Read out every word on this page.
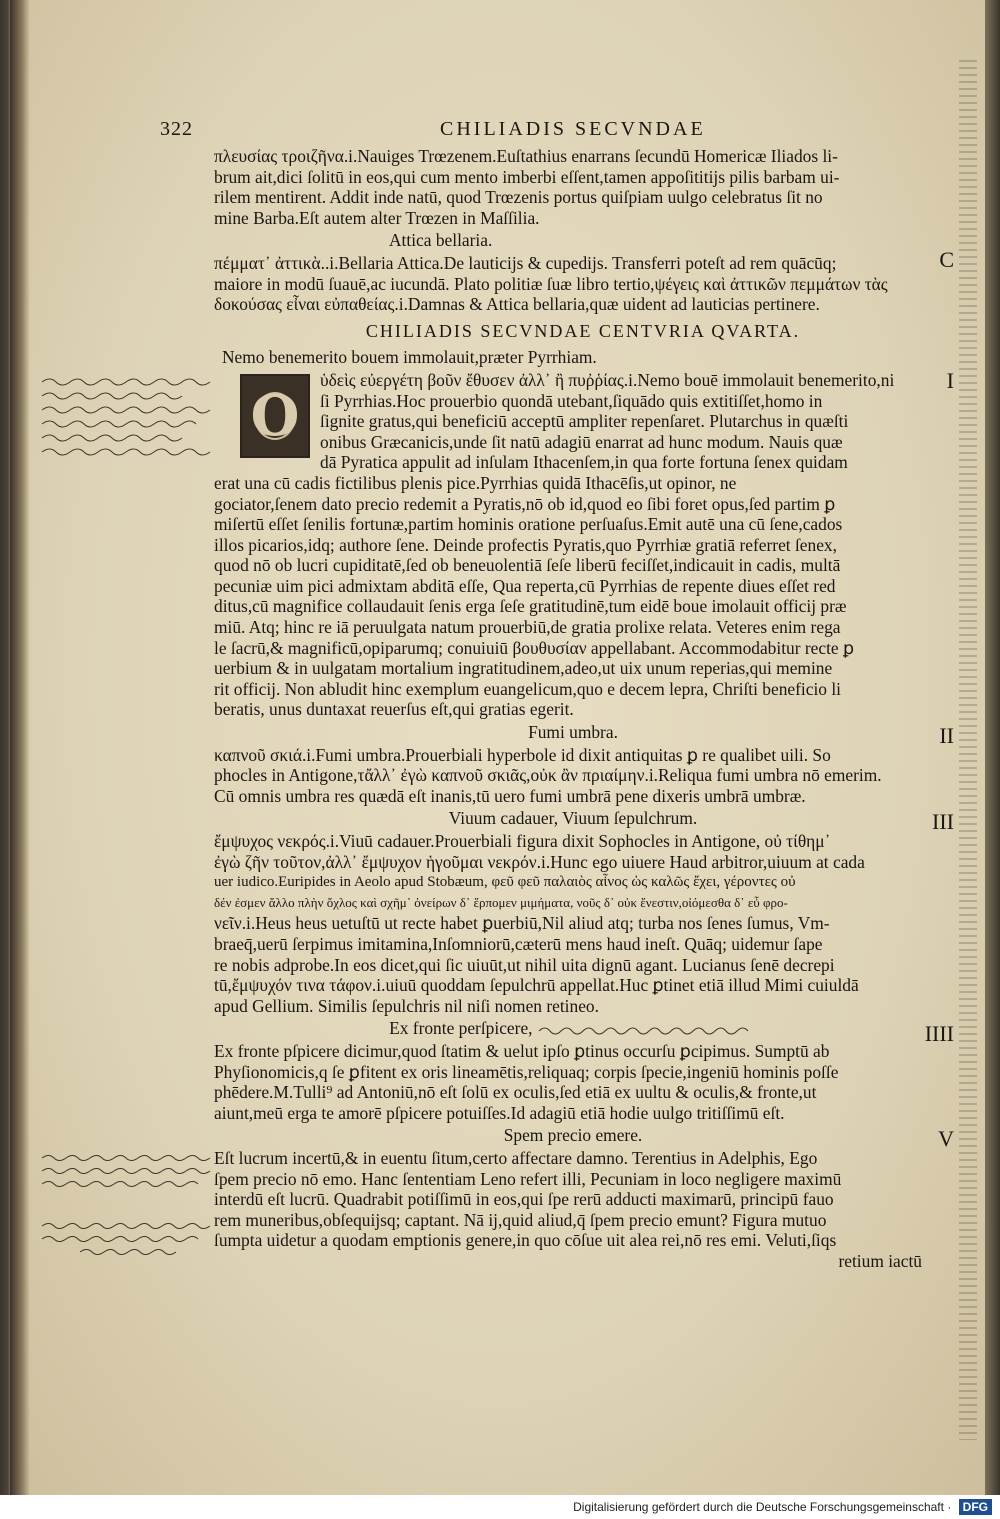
322	CHILIADIS SECVNDAE

πλευσίας τροιζῆνα.i.Nauiges Trœzenem.Euſtathius enarrans ſecundū Homericæ Iliados li-

brum ait,dici ſolitū in eos,qui cum mento imberbi eſſent,tamen appoſititijs pilis barbam ui-

rilem mentirent. Addit inde natū, quod Trœzenis portus quiſpiam uulgo celebratus ſit no

mine Barba.Eſt autem alter Trœzen in Maſſilia.

Attica bellaria.

C

πέμματ᾽ ἀττικὰ..i.Bellaria Attica.De lauticijs & cupedijs. Transferri poteſt ad rem quācūq;

maiore in modū ſuauē,ac iucundā. Plato politiæ ſuæ libro tertio,ψέγεις καὶ ἀττικῶν πεμμάτων τὰς

δοκούσας εἶναι εὐπαθείας.i.Damnas & Attica bellaria,quæ uident ad lauticias pertinere.

CHILIADIS SECVNDAE CENTVRIA QVARTA.

Nemo benemerito bouem immolauit,præter Pyrrhiam.

I
O

ὑδεὶς εὐεργέτη βοῦν ἔθυσεν ἀλλ᾽ ἢ πυῤῥίας.i.Nemo bouē immolauit benemerito,ni

ſi Pyrrhias.Hoc prouerbio quondā utebant,ſiquādo quis extitiſſet,homo in

ſignite gratus,qui beneficiū acceptū ampliter repenſaret. Plutarchus in quæſti

onibus Græcanicis,unde ſit natū adagiū enarrat ad hunc modum. Nauis quæ

dā Pyratica appulit ad inſulam Ithacenſem,in qua forte fortuna ſenex quidam

erat una cū cadis fictilibus plenis pice.Pyrrhias quidā Ithacēſis,ut opinor, ne

gociator,ſenem dato precio redemit a Pyratis,nō ob id,quod eo ſibi foret opus,ſed partim ꝑ

miſertū eſſet ſenilis fortunæ,partim hominis oratione perſuaſus.Emit autē una cū ſene,cados

illos picarios,idq; authore ſene. Deinde profectis Pyratis,quo Pyrrhiæ gratiā referret ſenex,

quod nō ob lucri cupiditatē,ſed ob beneuolentiā ſeſe liberū feciſſet,indicauit in cadis, multā

pecuniæ uim pici admixtam abditā eſſe, Qua reperta,cū Pyrrhias de repente diues eſſet red

ditus,cū magnifice collaudauit ſenis erga ſeſe gratitudinē,tum eidē boue imolauit officij præ

miū. Atq; hinc re iā peruulgata natum prouerbiū,de gratia prolixe relata. Veteres enim rega

le ſacrū,& magnificū,opiparumq; conuiuiū βουθυσίαν appellabant. Accommodabitur recte ꝑ

uerbium & in uulgatam mortalium ingratitudinem,adeo,ut uix unum reperias,qui memine

rit officij. Non abludit hinc exemplum euangelicum,quo e decem lepra, Chriſti beneficio li

beratis, unus duntaxat reuerſus eſt,qui gratias egerit.

Fumi umbra.	II

καπνοῦ σκιά.i.Fumi umbra.Prouerbiali hyperbole id dixit antiquitas ꝑ re qualibet uili. So

phocles in Antigone,τἄλλ᾽ ἐγὼ καπνοῦ σκιᾶς,οὐκ ἂν πριαίμην.i.Reliqua fumi umbra nō emerim.

Cū omnis umbra res quædā eſt inanis,tū uero fumi umbrā pene dixeris umbrā umbræ.

Viuum cadauer, Viuum ſepulchrum.	III

ἔμψυχος νεκρός.i.Viuū cadauer.Prouerbiali figura dixit Sophocles in Antigone, οὐ τίθημ᾽

ἐγὼ ζῆν τοῦτον,ἀλλ᾽ ἔμψυχον ἡγοῦμαι νεκρόν.i.Hunc ego uiuere Haud arbitror,uiuum at cada

uer iudico.Euripides in Aeolo apud Stobæum, φεῦ φεῦ παλαιὸς αἶνος ὡς καλῶς ἔχει, γέροντες οὐ

δέν ἐσμεν ἄλλο πλὴν ὄχλος καὶ σχῆμ᾽ ὀνείρων δ᾽ ἕρπομεν μιμήματα, νοῦς δ᾽ οὐκ ἔνεστιν,οἰόμεσθα δ᾽ εὖ φρο-

νεῖν.i.Heus heus uetuſtū ut recte habet ꝑuerbiū,Nil aliud atq; turba nos ſenes ſumus, Vm-

braeq̄,uerū ſerpimus imitamina,Inſomniorū,cæterū mens haud ineſt. Quāq; uidemur ſape

re nobis adprobe.In eos dicet,qui ſic uiuūt,ut nihil uita dignū agant. Lucianus ſenē decrepi

tū,ἔμψυχόν τινα τάφον.i.uiuū quoddam ſepulchrū appellat.Huc ꝑtinet etiā illud Mimi cuiuldā

apud Gellium. Similis ſepulchris nil niſi nomen retineo.

Ex fronte perſpicere,	IIII

Ex fronte pſpicere dicimur,quod ſtatim & uelut ipſo ꝑtinus occurſu ꝑcipimus. Sumptū ab

Phyſionomicis,q ſe ꝑfitent ex oris lineamētis,reliquaq; corpis ſpecie,ingeniū hominis poſſe

phēdere.M.Tulli⁹ ad Antoniū,nō eſt ſolū ex oculis,ſed etiā ex uultu & oculis,& fronte,ut

aiunt,meū erga te amorē pſpicere potuiſſes.Id adagiū etiā hodie uulgo tritiſſimū eſt.

Spem precio emere.	V

Eſt lucrum incertū,& in euentu ſitum,certo affectare damno. Terentius in Adelphis, Ego

ſpem precio nō emo. Hanc ſententiam Leno refert illi, Pecuniam in loco negligere maximū

interdū eſt lucrū. Quadrabit potiſſimū in eos,qui ſpe rerū adducti maximarū, principū fauo

rem muneribus,obſequijsq; captant. Nā ij,quid aliud,q̄ ſpem precio emunt? Figura mutuo

ſumpta uidetur a quodam emptionis genere,in quo cōſue uit alea rei,nō res emi. Veluti,ſiqs

retium iactū

Digitalisierung gefördert durch die Deutsche Forschungsgemeinschaft · DFG
